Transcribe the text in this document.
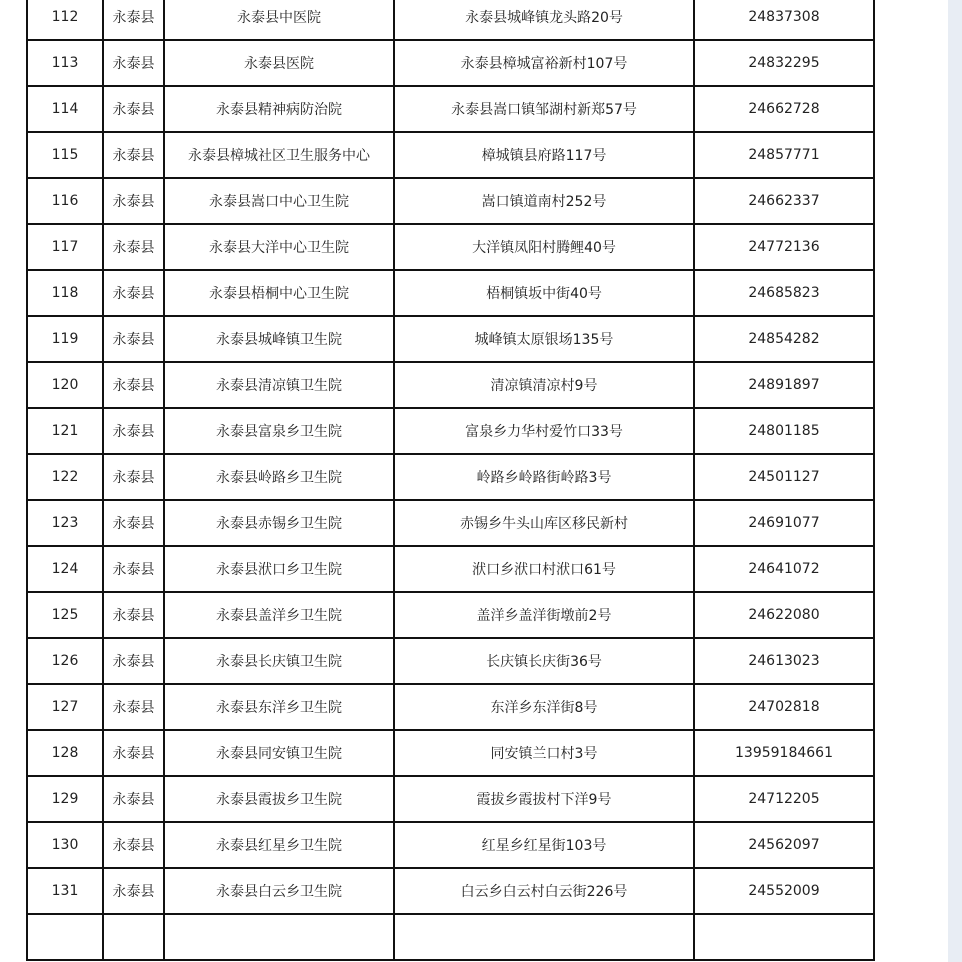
112	永泰县	永泰县中医院	永泰县城峰镇龙头路20号	24837308
113	永泰县	永泰县医院	永泰县樟城富裕新村107号	24832295
114	永泰县	永泰县精神病防治院	永泰县嵩口镇邹湖村新郑57号	24662728
115	永泰县	永泰县樟城社区卫生服务中心	樟城镇县府路117号	24857771
116	永泰县	永泰县嵩口中心卫生院	嵩口镇道南村252号	24662337
117	永泰县	永泰县大洋中心卫生院	大洋镇凤阳村腾鲤40号	24772136
118	永泰县	永泰县梧桐中心卫生院	梧桐镇坂中街40号	24685823
119	永泰县	永泰县城峰镇卫生院	城峰镇太原银场135号	24854282
120	永泰县	永泰县清凉镇卫生院	清凉镇清凉村9号	24891897
121	永泰县	永泰县富泉乡卫生院	富泉乡力华村爱竹口33号	24801185
122	永泰县	永泰县岭路乡卫生院	岭路乡岭路街岭路3号	24501127
123	永泰县	永泰县赤锡乡卫生院	赤锡乡牛头山库区移民新村	24691077
124	永泰县	永泰县洑口乡卫生院	洑口乡洑口村洑口61号	24641072
125	永泰县	永泰县盖洋乡卫生院	盖洋乡盖洋街墩前2号	24622080
126	永泰县	永泰县长庆镇卫生院	长庆镇长庆街36号	24613023
127	永泰县	永泰县东洋乡卫生院	东洋乡东洋街8号	24702818
128	永泰县	永泰县同安镇卫生院	同安镇兰口村3号	13959184661
129	永泰县	永泰县霞拔乡卫生院	霞拔乡霞拔村下洋9号	24712205
130	永泰县	永泰县红星乡卫生院	红星乡红星街103号	24562097
131	永泰县	永泰县白云乡卫生院	白云乡白云村白云街226号	24552009
